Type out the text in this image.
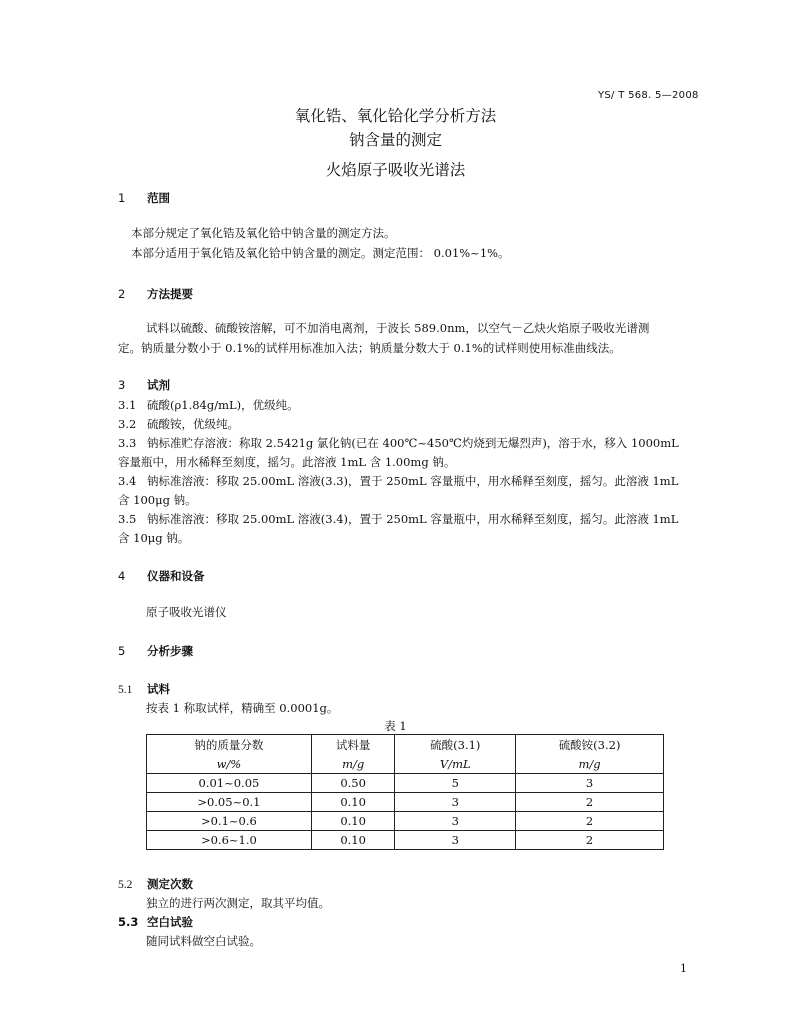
YS/ T 568. 5—2008
氧化锆、氧化铪化学分析方法
钠含量的测定
火焰原子吸收光谱法
1 范围
本部分规定了氧化锆及氧化铪中钠含量的测定方法。
本部分适用于氧化锆及氧化铪中钠含量的测定。测定范围： 0.01%~1%。
2 方法提要
试料以硫酸、硫酸铵溶解，可不加消电离剂，于波长 589.0nm，以空气－乙炔火焰原子吸收光谱测
定。钠质量分数小于 0.1%的试样用标准加入法；钠质量分数大于 0.1%的试样则使用标准曲线法。
3 试剂
3.1 硫酸(ρ1.84g/mL)，优级纯。
3.2 硫酸铵，优级纯。
3.3 钠标准贮存溶液：称取 2.5421g 氯化钠(已在 400℃~450℃灼烧到无爆烈声)，溶于水，移入 1000mL
容量瓶中，用水稀释至刻度，摇匀。此溶液 1mL 含 1.00mg 钠。
3.4 钠标准溶液：移取 25.00mL 溶液(3.3)，置于 250mL 容量瓶中，用水稀释至刻度，摇匀。此溶液 1mL
含 100μg 钠。
3.5 钠标准溶液：移取 25.00mL 溶液(3.4)，置于 250mL 容量瓶中，用水稀释至刻度，摇匀。此溶液 1mL
含 10μg 钠。
4 仪器和设备
原子吸收光谱仪
5 分析步骤
5.1 试料
按表 1 称取试样，精确至 0.0001g。
表 1
钠的质量分数	试料量	硫酸(3.1)	硫酸铵(3.2)
w/%	m/g	V/mL	m/g
0.01~0.05	0.50	5	3
>0.05~0.1	0.10	3	2
>0.1~0.6	0.10	3	2
>0.6~1.0	0.10	3	2
5.2 测定次数
独立的进行两次测定，取其平均值。
5.3 空白试验
随同试料做空白试验。
1
